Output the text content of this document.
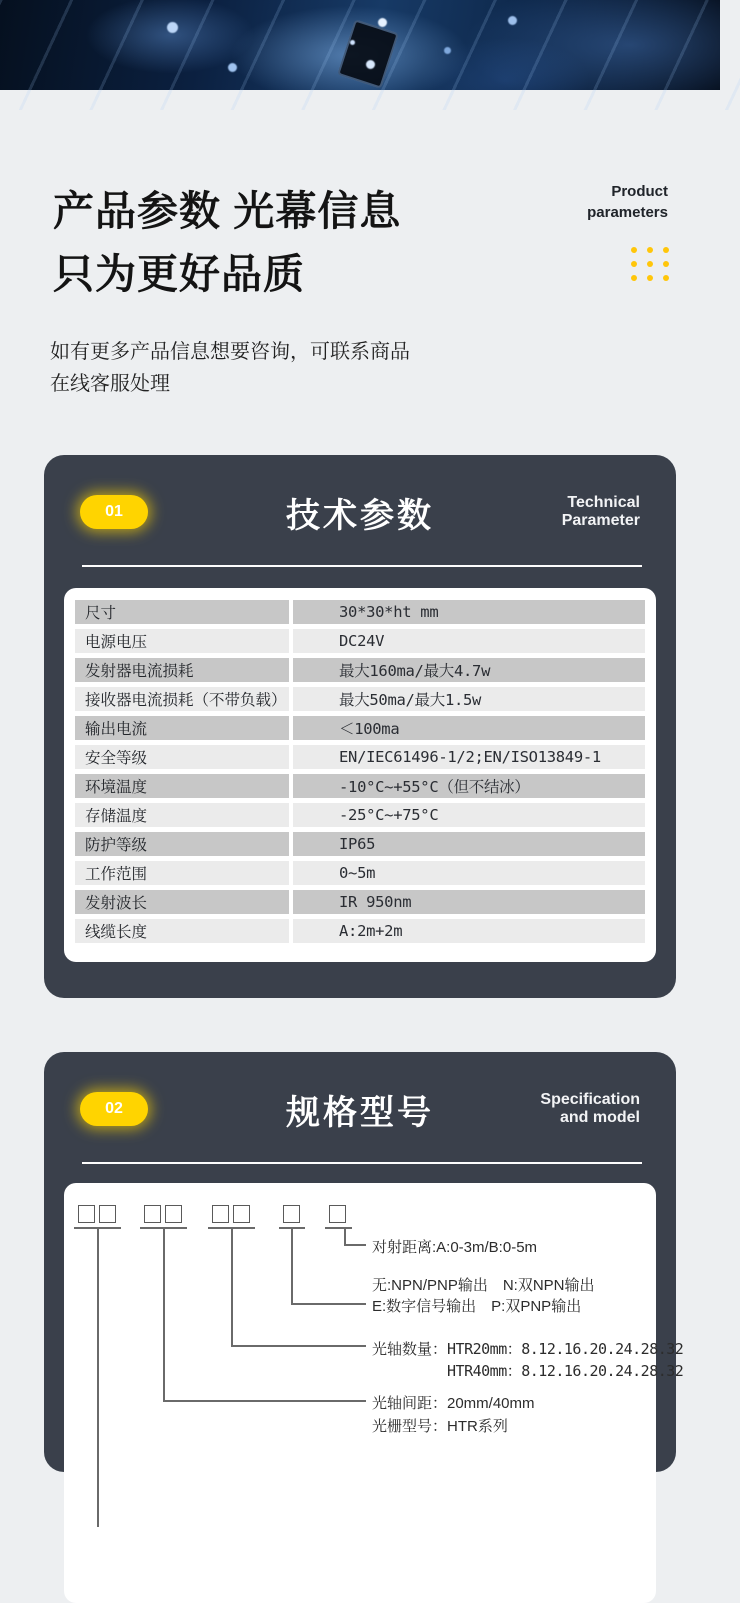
产品参数 光幕信息
只为更好品质
Product
parameters
如有更多产品信息想要咨询，可联系商品
在线客服处理
01	技术参数	Technical
Parameter
尺寸	30*30*ht mm
电源电压	DC24V
发射器电流损耗	最大160ma/最大4.7w
接收器电流损耗（不带负载）	最大50ma/最大1.5w
输出电流	＜100ma
安全等级	EN/IEC61496-1/2;EN/ISO13849-1
环境温度	-10°C~+55°C（但不结冰）
存储温度	-25°C~+75°C
防护等级	IP65
工作范围	0~5m
发射波长	IR 950nm
线缆长度	A:2m+2m
02	规格型号	Specification
and model
对射距离:A:0-3m/B:0-5m
无:NPN/PNP输出　N:双NPN输出
E:数字信号输出　P:双PNP输出
光轴数量： HTR20mm：8.12.16.20.24.28.32
HTR40mm：8.12.16.20.24.28.32
光轴间距：20mm/40mm
光栅型号：HTR系列
